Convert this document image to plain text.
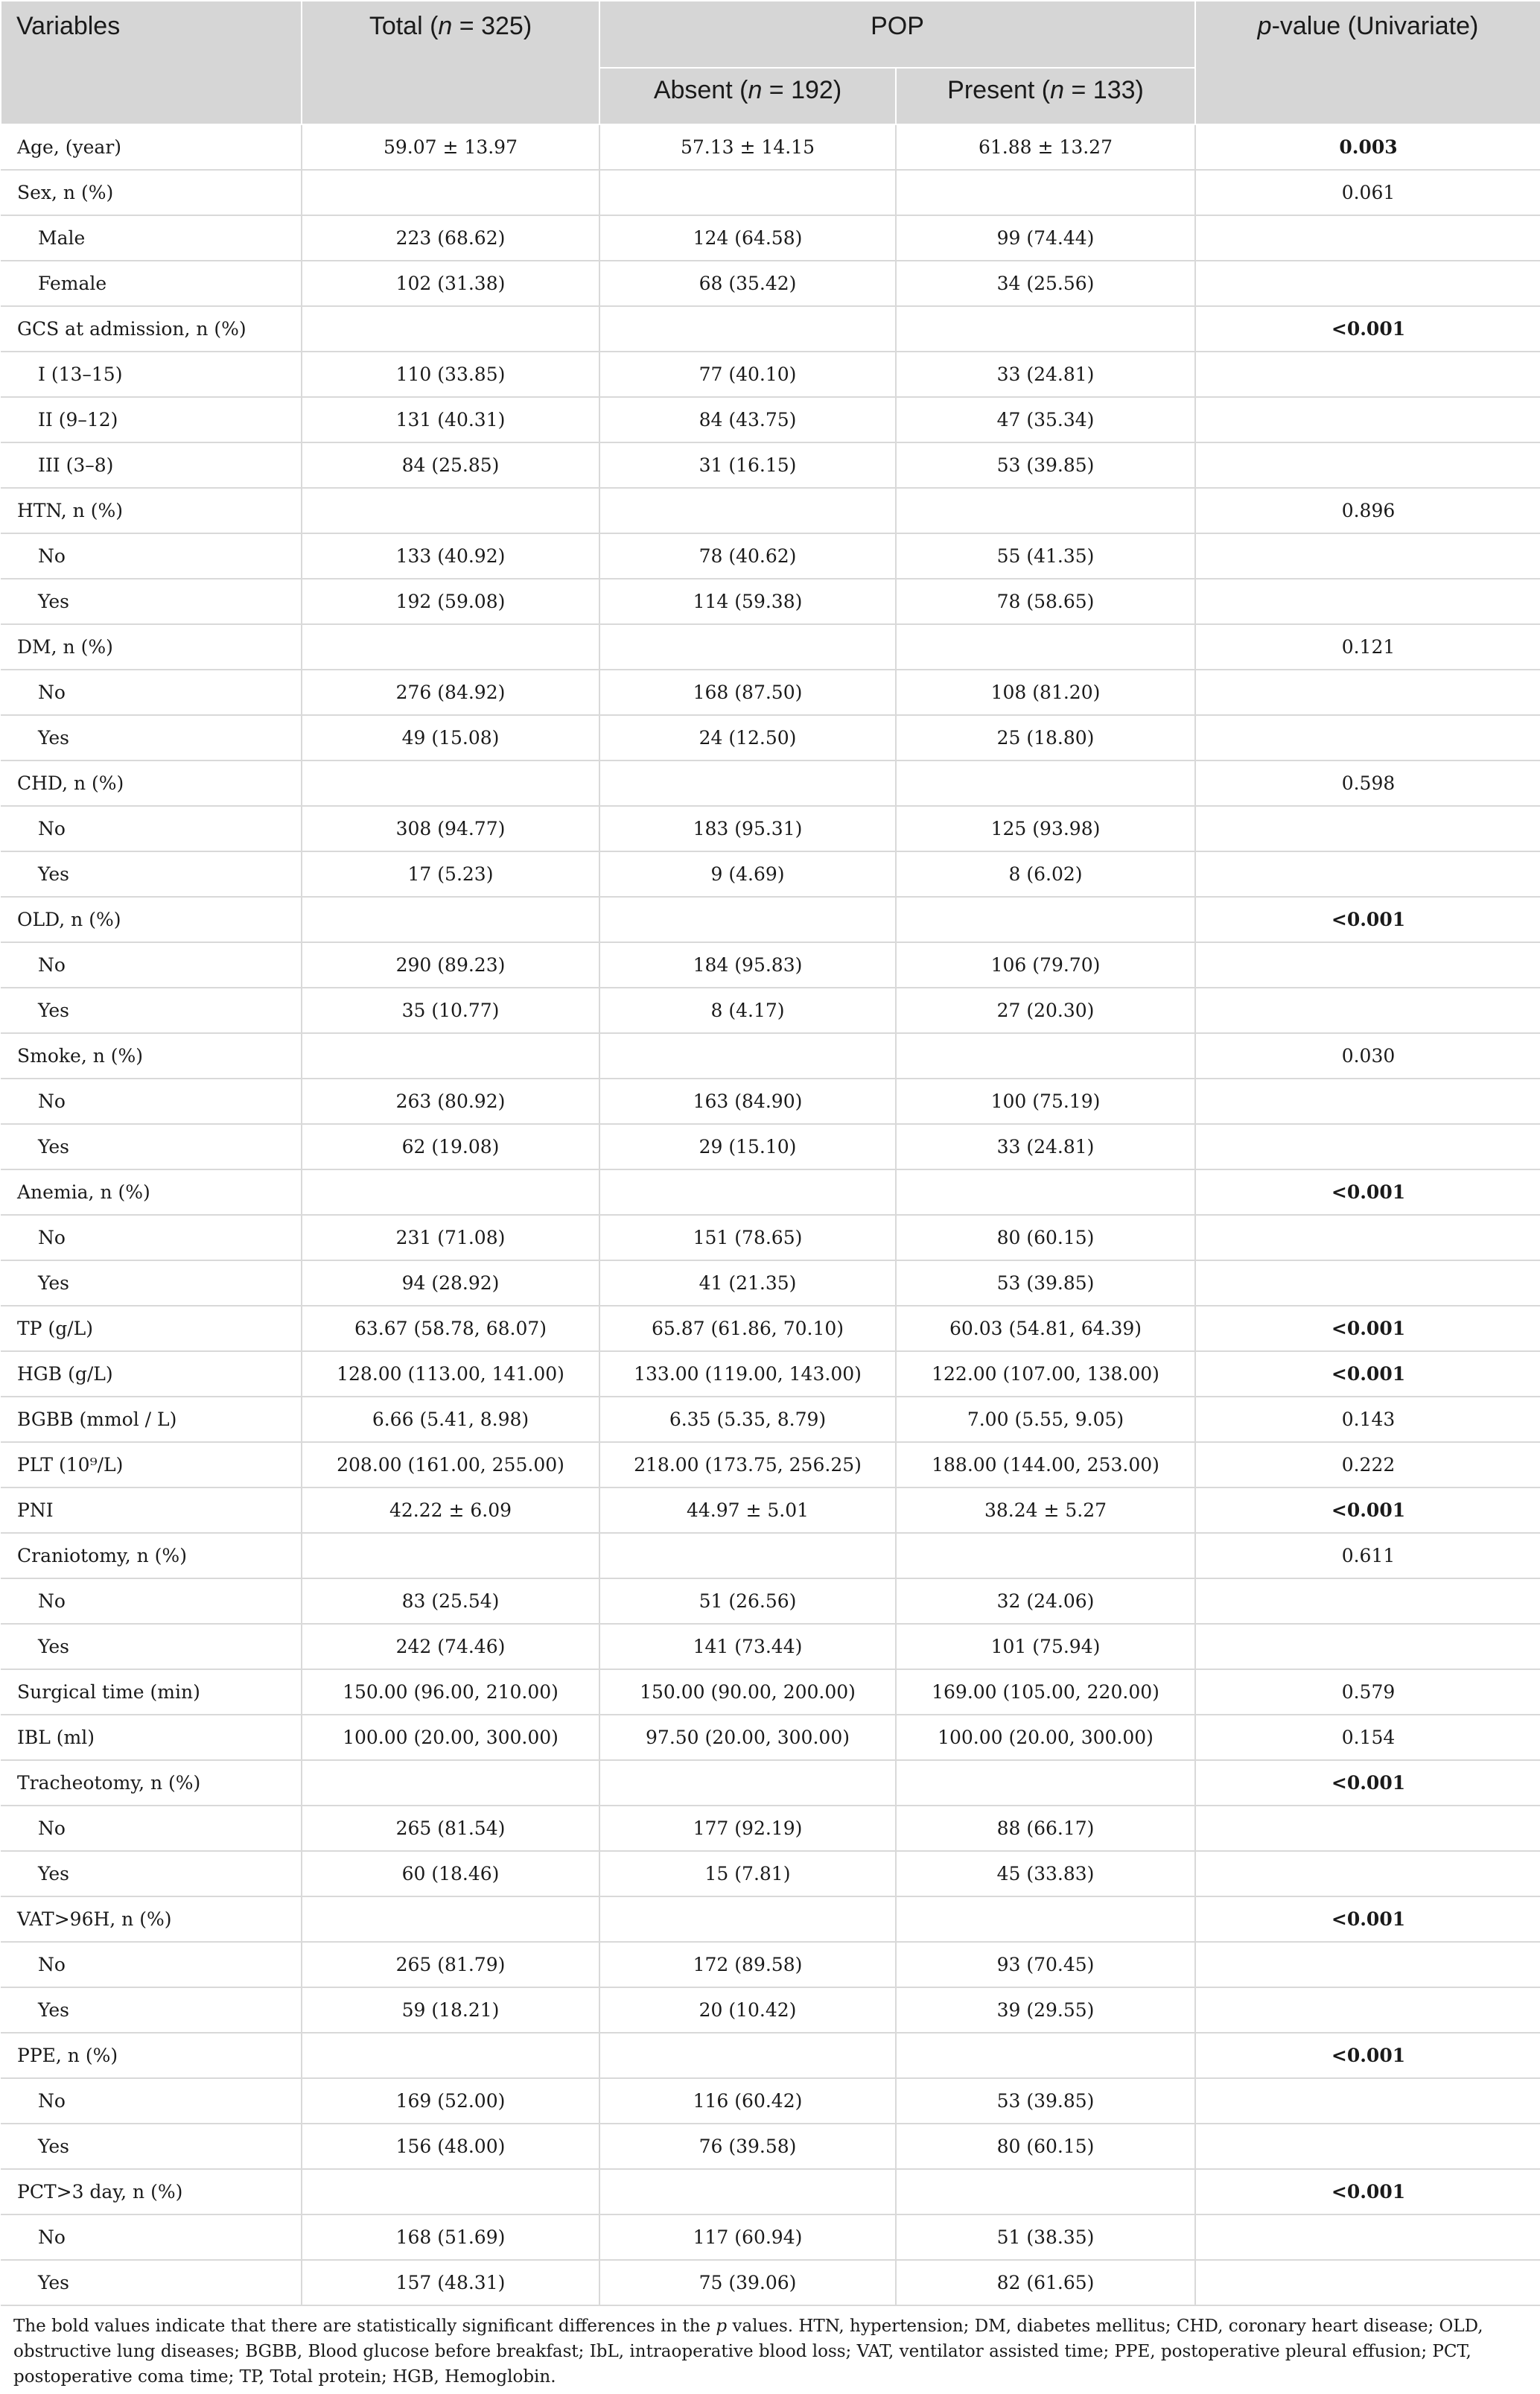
Variables	Total (n = 325)	POP		p-value (Univariate)
		Absent (n = 192)	Present (n = 133)	
Age, (year)	59.07 ± 13.97	57.13 ± 14.15	61.88 ± 13.27	0.003
Sex, n (%)				0.061
Male	223 (68.62)	124 (64.58)	99 (74.44)	
Female	102 (31.38)	68 (35.42)	34 (25.56)	
GCS at admission, n (%)				<0.001
I (13–15)	110 (33.85)	77 (40.10)	33 (24.81)	
II (9–12)	131 (40.31)	84 (43.75)	47 (35.34)	
III (3–8)	84 (25.85)	31 (16.15)	53 (39.85)	
HTN, n (%)				0.896
No	133 (40.92)	78 (40.62)	55 (41.35)	
Yes	192 (59.08)	114 (59.38)	78 (58.65)	
DM, n (%)				0.121
No	276 (84.92)	168 (87.50)	108 (81.20)	
Yes	49 (15.08)	24 (12.50)	25 (18.80)	
CHD, n (%)				0.598
No	308 (94.77)	183 (95.31)	125 (93.98)	
Yes	17 (5.23)	9 (4.69)	8 (6.02)	
OLD, n (%)				<0.001
No	290 (89.23)	184 (95.83)	106 (79.70)	
Yes	35 (10.77)	8 (4.17)	27 (20.30)	
Smoke, n (%)				0.030
No	263 (80.92)	163 (84.90)	100 (75.19)	
Yes	62 (19.08)	29 (15.10)	33 (24.81)	
Anemia, n (%)				<0.001
No	231 (71.08)	151 (78.65)	80 (60.15)	
Yes	94 (28.92)	41 (21.35)	53 (39.85)	
TP (g/L)	63.67 (58.78, 68.07)	65.87 (61.86, 70.10)	60.03 (54.81, 64.39)	<0.001
HGB (g/L)	128.00 (113.00, 141.00)	133.00 (119.00, 143.00)	122.00 (107.00, 138.00)	<0.001
BGBB (mmol / L)	6.66 (5.41, 8.98)	6.35 (5.35, 8.79)	7.00 (5.55, 9.05)	0.143
PLT (10⁹/L)	208.00 (161.00, 255.00)	218.00 (173.75, 256.25)	188.00 (144.00, 253.00)	0.222
PNI	42.22 ± 6.09	44.97 ± 5.01	38.24 ± 5.27	<0.001
Craniotomy, n (%)				0.611
No	83 (25.54)	51 (26.56)	32 (24.06)	
Yes	242 (74.46)	141 (73.44)	101 (75.94)	
Surgical time (min)	150.00 (96.00, 210.00)	150.00 (90.00, 200.00)	169.00 (105.00, 220.00)	0.579
IBL (ml)	100.00 (20.00, 300.00)	97.50 (20.00, 300.00)	100.00 (20.00, 300.00)	0.154
Tracheotomy, n (%)				<0.001
No	265 (81.54)	177 (92.19)	88 (66.17)	
Yes	60 (18.46)	15 (7.81)	45 (33.83)	
VAT>96H, n (%)				<0.001
No	265 (81.79)	172 (89.58)	93 (70.45)	
Yes	59 (18.21)	20 (10.42)	39 (29.55)	
PPE, n (%)				<0.001
No	169 (52.00)	116 (60.42)	53 (39.85)	
Yes	156 (48.00)	76 (39.58)	80 (60.15)	
PCT>3 day, n (%)				<0.001
No	168 (51.69)	117 (60.94)	51 (38.35)	
Yes	157 (48.31)	75 (39.06)	82 (61.65)	

The bold values indicate that there are statistically significant differences in the p values. HTN, hypertension; DM, diabetes mellitus; CHD, coronary heart disease; OLD, obstructive lung diseases; BGBB, Blood glucose before breakfast; IbL, intraoperative blood loss; VAT, ventilator assisted time; PPE, postoperative pleural effusion; PCT, postoperative coma time; TP, Total protein; HGB, Hemoglobin.
